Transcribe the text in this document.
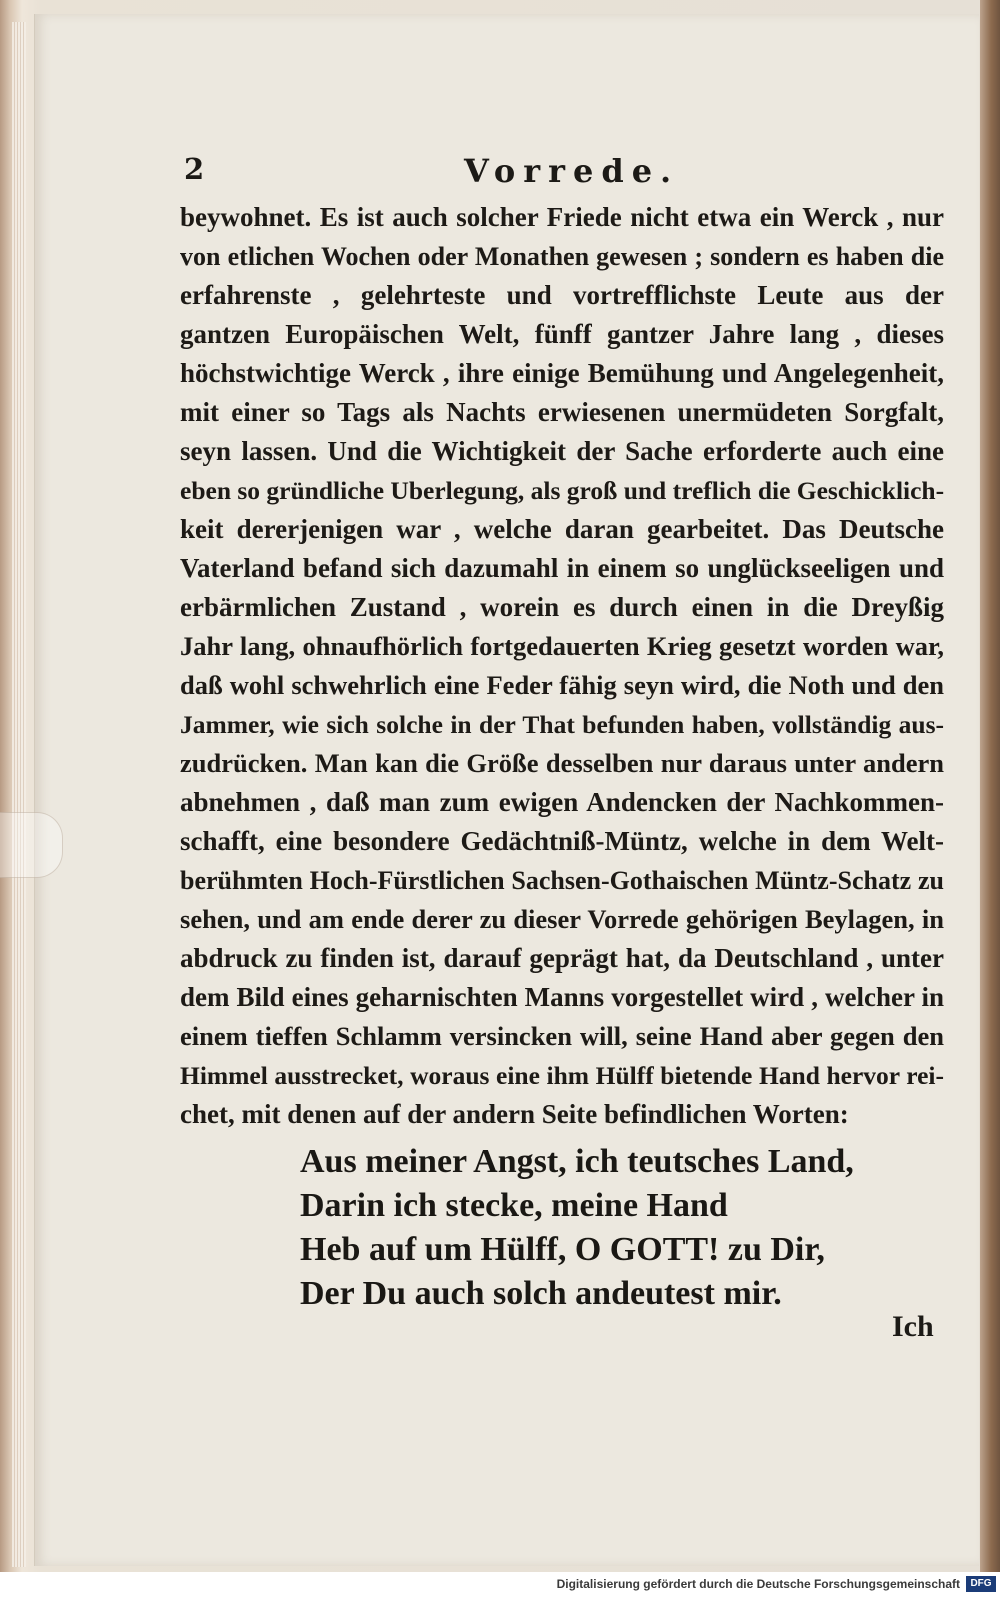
2	Vorrede.
beywohnet. Es ist auch solcher Friede nicht etwa ein Werck , nur
von etlichen Wochen oder Monathen gewesen ; sondern es haben die
erfahrenste , gelehrteste und vortrefflichste Leute aus der
gantzen Europäischen Welt, fünff gantzer Jahre lang , dieses
höchstwichtige Werck , ihre einige Bemühung und Angelegenheit,
mit einer so Tags als Nachts erwiesenen unermüdeten Sorgfalt,
seyn lassen. Und die Wichtigkeit der Sache erforderte auch eine
eben so gründliche Uberlegung, als groß und treflich die Geschicklich-
keit dererjenigen war , welche daran gearbeitet. Das Deutsche
Vaterland befand sich dazumahl in einem so unglückseeligen und
erbärmlichen Zustand , worein es durch einen in die Dreyßig
Jahr lang, ohnaufhörlich fortgedauerten Krieg gesetzt worden war,
daß wohl schwehrlich eine Feder fähig seyn wird, die Noth und den
Jammer, wie sich solche in der That befunden haben, vollständig aus-
zudrücken. Man kan die Größe desselben nur daraus unter andern
abnehmen , daß man zum ewigen Andencken der Nachkommen-
schafft, eine besondere Gedächtniß-Müntz, welche in dem Welt-
berühmten Hoch-Fürstlichen Sachsen-Gothaischen Müntz-Schatz zu
sehen, und am ende derer zu dieser Vorrede gehörigen Beylagen, in
abdruck zu finden ist, darauf geprägt hat, da Deutschland , unter
dem Bild eines geharnischten Manns vorgestellet wird , welcher in
einem tieffen Schlamm versincken will, seine Hand aber gegen den
Himmel ausstrecket, woraus eine ihm Hülff bietende Hand hervor rei-
chet, mit denen auf der andern Seite befindlichen Worten:
Aus meiner Angst, ich teutsches Land,
Darin ich stecke, meine Hand
Heb auf um Hülff, O GOTT! zu Dir,
Der Du auch solch andeutest mir.
Ich
Digitalisierung gefördert durch die Deutsche Forschungsgemeinschaft	DFG
